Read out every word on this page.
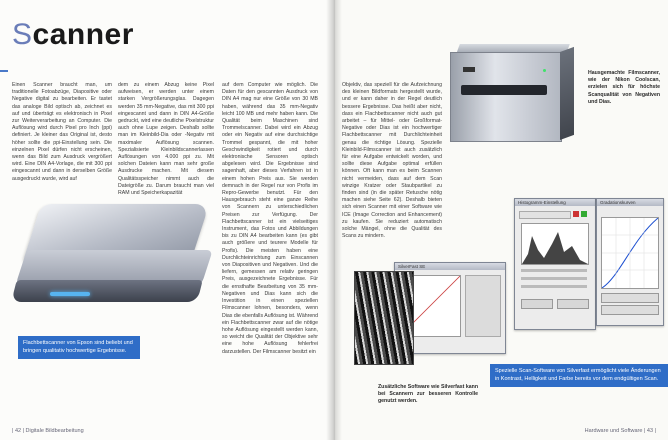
Scanner
Einen Scanner braucht man, um traditionelle Fotoabzüge, Diapositive oder Negative digital zu bearbeiten. Er tastet das analoge Bild optisch ab, zeichnet es auf und überträgt es elektronisch in Pixel zur Weiterverarbeitung an Computer. Die Auflösung wird durch Pixel pro Inch (ppi) definiert. Je kleiner das Original ist, desto höher sollte die ppi-Einstellung sein. Die einzelnen Pixel dürfen nicht erscheinen, wenn das Bild zum Ausdruck vergrößert wird. Eine DIN A4-Vorlage, die mit 300 ppi eingescannt und dann in derselben Größe ausgedruckt wurde, wird auf
dem zu einem Abzug keine Pixel aufweisen, er werden unter einem starken Vergrößerungsglas. Dagegen werden 35 mm-Negative, das mit 300 ppi eingescannt und dann in DIN A4-Größe gedruckt, wird eine deutliche Pixelstruktur auch ohne Lupe zeigen. Deshalb sollte man im Kleinbild-Dia oder -Negativ mit maximaler Auflösung scannen. Spezialisierte Kleinbildscannerlassen Auflösungen von 4.000 ppi zu. Mit solchen Dateien kann man sehr große Ausdrucke machen. Mit diesem Qualitätsspeicher nimmt auch die Dateigröße zu. Darum braucht man viel RAM und Speicherkapazität
auf dem Computer wie möglich. Die Daten für den gescannten Ausdruck von DIN A4 mag nur eine Größe von 30 MB haben, während das 35 mm-Negativ leicht 100 MB und mehr haben kann. Die Qualität beim Maschinen sind Trommelscanner. Dabei wird ein Abzug oder ein Negativ auf eine durchsichtige Trommel gespannt, die mit hoher Geschwindigkeit rotiert und durch elektronische Sensoren optisch abgelesen wird. Die Ergebnisse sind sagenhaft, aber dieses Verfahren ist in einem hohen Preis aus. Sie werden demnach in der Regel nur von Profis im Repro-Gewerbe benutzt. Für den Hausgebrauch steht eine ganze Reihe von Scannern zu unterschiedlichen Preisen zur Verfügung. Der Flachbettscanner ist ein vielseitiges Instrument, das Fotos und Abbildungen bis zu DIN A4 bearbeiten kann (es gibt auch größere und teurere Modelle für Profis). Die meisten haben eine Durchlichteinrichtung zum Einscannen von Diapositiven und Negativen. Und die liefern, gemessen am relativ geringen Preis, ausgezeichnete Ergebnisse. Für die ernsthafte Bearbeitung von 35 mm-Negativen und Dias kann sich die Investition in einen speziellen Filmscanner lohnen, besonders, wenn Dias die ebenfalls Auflösung ist. Während ein Flachbettscanner zwar auf die nötige hohe Auflösung eingestellt werden kann, so weicht die Qualität der Objektive sehr eine hohe Auflösung fehlerfrei darzustellen. Der Filmscanner besitzt ein
Flachbettscanner von Epson sind beliebt und bringen qualitativ hochwertige Ergebnisse.
| 42 | Digitale Bildbearbeitung
Objektiv, das speziell für die Aufzeichnung des kleinen Bildformats hergestellt wurde, und er kann daher in der Regel deutlich bessere Ergebnisse. Das heißt aber nicht, dass ein Flachbettscanner nicht auch gut arbeitet – für Mittel- oder Großformat-Negative oder Dias ist ein hochwertiger Flachbettscanner mit Durchlichteinheit genau die richtige Lösung. Spezielle Kleinbild-Filmscanner ist auch zusätzlich für eine Aufgabe entwickelt worden, und sollte diese Aufgabe optimal erfüllen können. Oft kann man es beim Scannen nicht vermeiden, dass auf dem Scan winzige Kratzer oder Staubpartikel zu finden sind (in die später Retusche nötig machen siehe Seite 62). Deshalb bieten sich einen Scanner mit einer Software wie ICE (Image Correction and Enhancement) zu kaufen. Sie reduziert automatisch solche Mängel, ohne die Qualität des Scans zu mindern.
Hausgemachte Filmscanner, wie der Nikon Coolscan, erzielen sich für höchste Scanqualität von Negativen und Dias.
Histogramm-Einstellung	Gradationskurven
SilverFast SE
Spezielle Scan-Software von Silverfast ermöglicht viele Änderungen in Kontrast, Helligkeit und Farbe bereits vor dem endgültigen Scan.
Zusätzliche Software wie Silverfast kann bei Scannern zur besseren Kontrolle genutzt werden.
Hardware und Software | 43 |
